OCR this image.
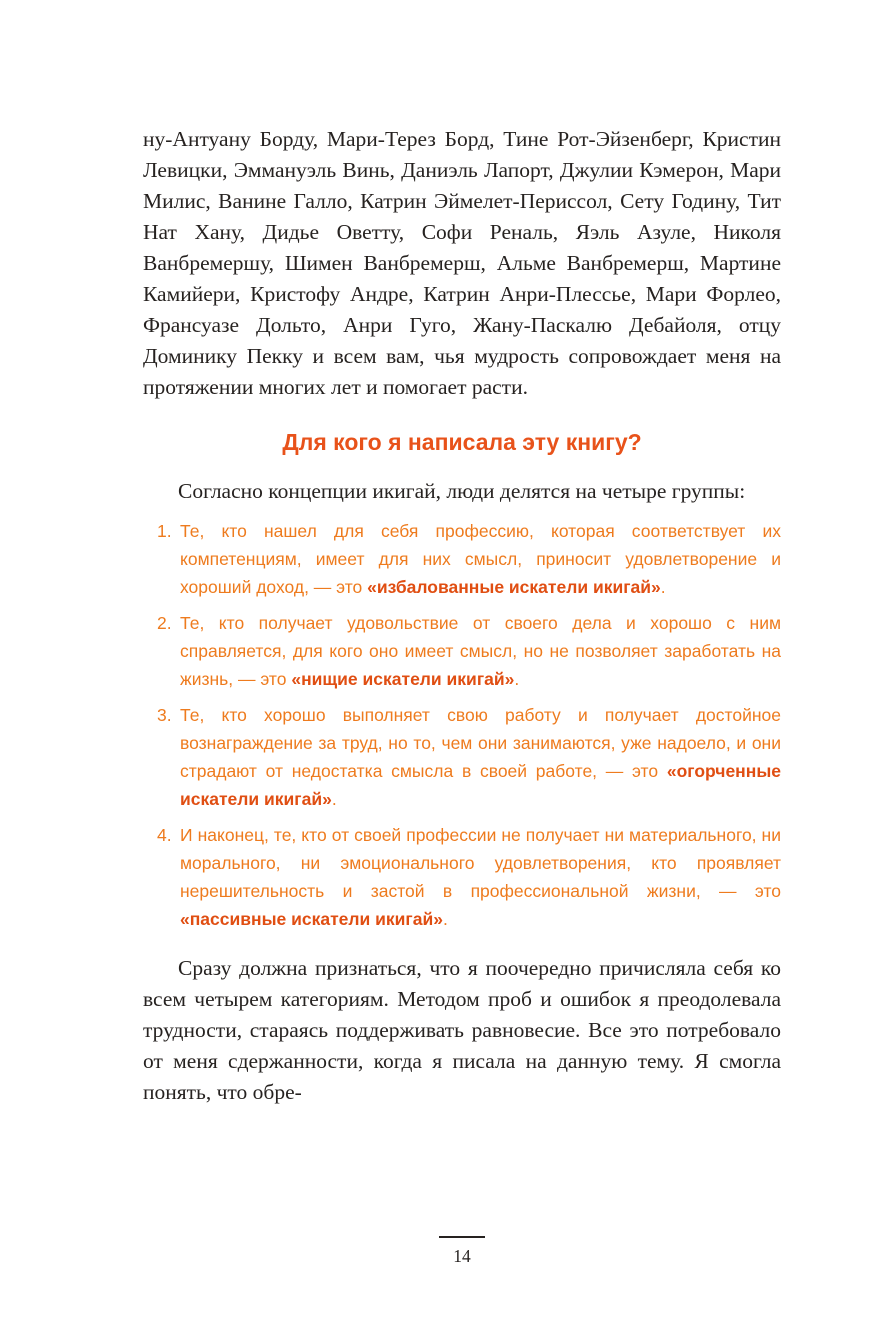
ну-Антуану Борду, Мари-Терез Борд, Тине Рот-Эйзенберг, Кристин Левицки, Эммануэль Винь, Даниэль Лапорт, Джулии Кэмерон, Мари Милис, Ванине Галло, Катрин Эймелет-Периссол, Сету Годину, Тит Нат Хану, Дидье Оветту, Софи Реналь, Яэль Азуле, Николя Ванбремершу, Шимен Ванбремерш, Альме Ванбремерш, Мартине Камийери, Кристофу Андре, Катрин Анри-Плессье, Мари Форлео, Франсуазе Дольто, Анри Гуго, Жану-Паскалю Дебайоля, отцу Доминику Пекку и всем вам, чья мудрость сопровождает меня на протяжении многих лет и помогает расти.

Для кого я написала эту книгу?

Согласно концепции икигай, люди делятся на четыре группы:

1. Те, кто нашел для себя профессию, которая соответствует их компетенциям, имеет для них смысл, приносит удовлетворение и хороший доход, — это «избалованные искатели икигай».
2. Те, кто получает удовольствие от своего дела и хорошо с ним справляется, для кого оно имеет смысл, но не позволяет заработать на жизнь, — это «нищие искатели икигай».
3. Те, кто хорошо выполняет свою работу и получает достойное вознаграждение за труд, но то, чем они занимаются, уже надоело, и они страдают от недостатка смысла в своей работе, — это «огорченные искатели икигай».
4. И наконец, те, кто от своей профессии не получает ни материального, ни морального, ни эмоционального удовлетворения, кто проявляет нерешительность и застой в профессиональной жизни, — это «пассивные искатели икигай».

Сразу должна признаться, что я поочередно причисляла себя ко всем четырем категориям. Методом проб и ошибок я преодолевала трудности, стараясь поддерживать равновесие. Все это потребовало от меня сдержанности, когда я писала на данную тему. Я смогла понять, что обре-

14
